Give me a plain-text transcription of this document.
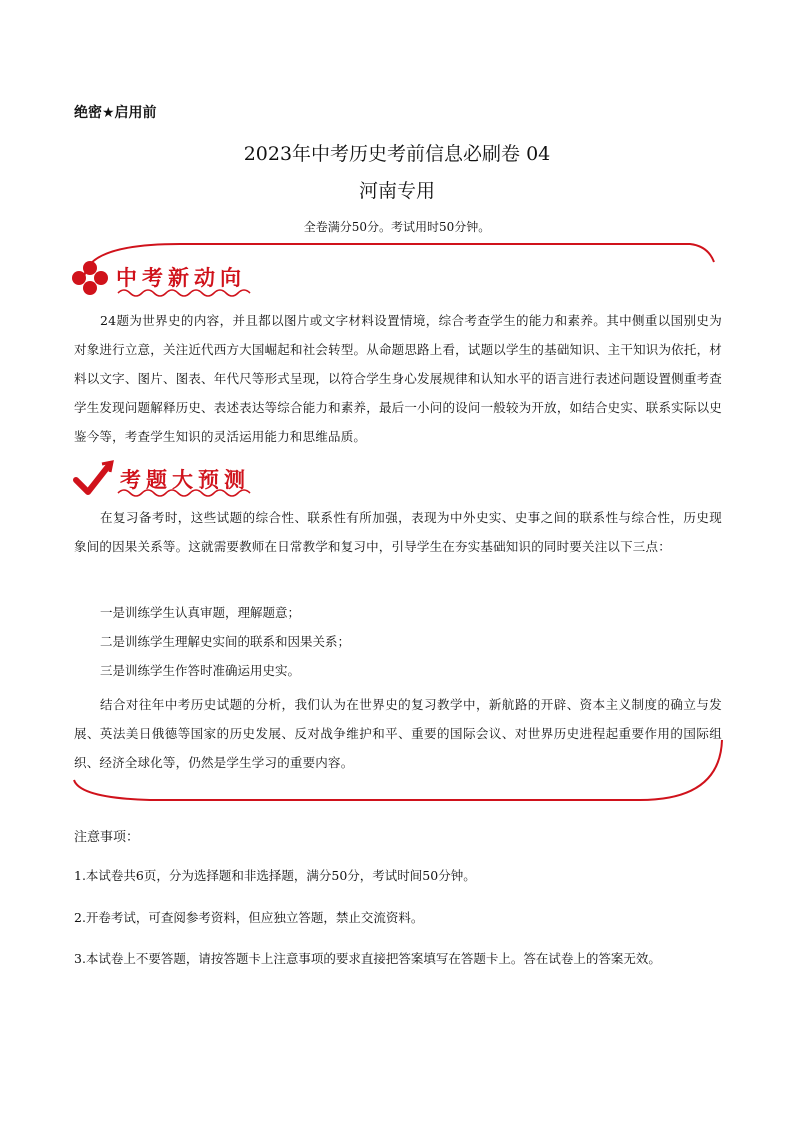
绝密★启用前
2023年中考历史考前信息必刷卷 04
河南专用
全卷满分50分。考试用时50分钟。
中考新动向
24题为世界史的内容，并且都以图片或文字材料设置情境，综合考查学生的能力和素养。其中侧重以国别史为对象进行立意，关注近代西方大国崛起和社会转型。从命题思路上看，试题以学生的基础知识、主干知识为依托，材料以文字、图片、图表、年代尺等形式呈现，以符合学生身心发展规律和认知水平的语言进行表述问题设置侧重考查学生发现问题解释历史、表述表达等综合能力和素养，最后一小问的设问一般较为开放，如结合史实、联系实际以史鉴今等，考查学生知识的灵活运用能力和思维品质。
考题大预测
在复习备考时，这些试题的综合性、联系性有所加强，表现为中外史实、史事之间的联系性与综合性，历史现象间的因果关系等。这就需要教师在日常教学和复习中，引导学生在夯实基础知识的同时要关注以下三点：
一是训练学生认真审题，理解题意；
二是训练学生理解史实间的联系和因果关系；
三是训练学生作答时准确运用史实。
结合对往年中考历史试题的分析，我们认为在世界史的复习教学中，新航路的开辟、资本主义制度的确立与发展、英法美日俄德等国家的历史发展、反对战争维护和平、重要的国际会议、对世界历史进程起重要作用的国际组织、经济全球化等，仍然是学生学习的重要内容。
注意事项：
1.本试卷共6页，分为选择题和非选择题，满分50分，考试时间50分钟。
2.开卷考试，可查阅参考资料，但应独立答题，禁止交流资料。
3.本试卷上不要答题，请按答题卡上注意事项的要求直接把答案填写在答题卡上。答在试卷上的答案无效。
